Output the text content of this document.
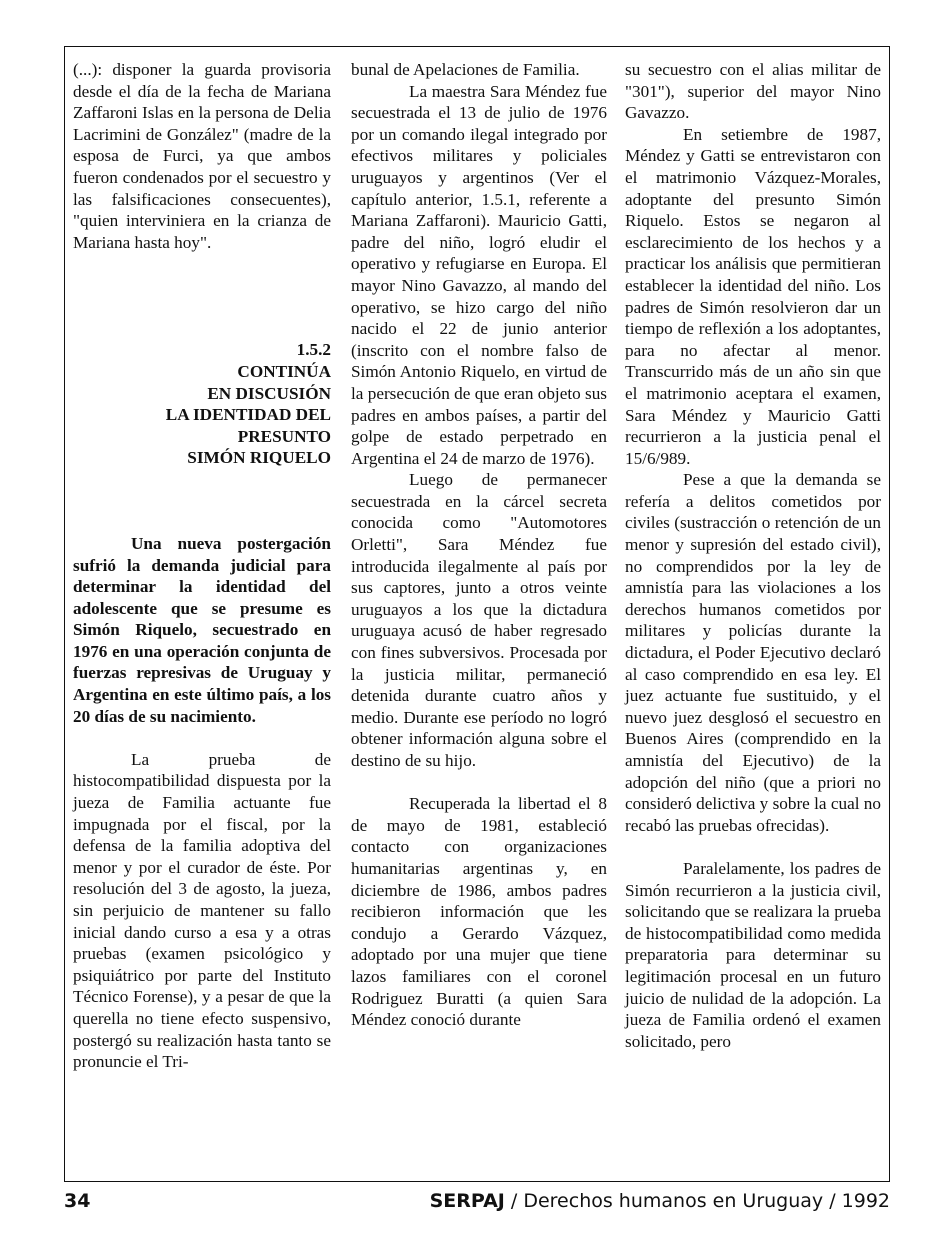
(...): disponer la guarda provisoria desde el día de la fecha de Mariana Zaffaroni Islas en la persona de Delia Lacrimini de González" (madre de la esposa de Furci, ya que ambos fueron condenados por el secuestro y las falsificaciones consecuentes), "quien interviniera en la crianza de Mariana hasta hoy".

1.5.2
CONTINÚA
EN DISCUSIÓN
LA IDENTIDAD DEL
PRESUNTO
SIMÓN RIQUELO

Una nueva postergación sufrió la demanda judicial para determinar la identidad del adolescente que se presume es Simón Riquelo, secuestrado en 1976 en una operación conjunta de fuerzas represivas de Uruguay y Argentina en este último país, a los 20 días de su nacimiento.

La prueba de histocompatibilidad dispuesta por la jueza de Familia actuante fue impugnada por el fiscal, por la defensa de la familia adoptiva del menor y por el curador de éste. Por resolución del 3 de agosto, la jueza, sin perjuicio de mantener su fallo inicial dando curso a esa y a otras pruebas (examen psicológico y psiquiátrico por parte del Instituto Técnico Forense), y a pesar de que la querella no tiene efecto suspensivo, postergó su realización hasta tanto se pronuncie el Tri-

bunal de Apelaciones de Familia.

La maestra Sara Méndez fue secuestrada el 13 de julio de 1976 por un comando ilegal integrado por efectivos militares y policiales uruguayos y argentinos (Ver el capítulo anterior, 1.5.1, referente a Mariana Zaffaroni). Mauricio Gatti, padre del niño, logró eludir el operativo y refugiarse en Europa. El mayor Nino Gavazzo, al mando del operativo, se hizo cargo del niño nacido el 22 de junio anterior (inscrito con el nombre falso de Simón Antonio Riquelo, en virtud de la persecución de que eran objeto sus padres en ambos países, a partir del golpe de estado perpetrado en Argentina el 24 de marzo de 1976).

Luego de permanecer secuestrada en la cárcel secreta conocida como "Automotores Orletti", Sara Méndez fue introducida ilegalmente al país por sus captores, junto a otros veinte uruguayos a los que la dictadura uruguaya acusó de haber regresado con fines subversivos. Procesada por la justicia militar, permaneció detenida durante cuatro años y medio. Durante ese período no logró obtener información alguna sobre el destino de su hijo.

Recuperada la libertad el 8 de mayo de 1981, estableció contacto con organizaciones humanitarias argentinas y, en diciembre de 1986, ambos padres recibieron información que les condujo a Gerardo Vázquez, adoptado por una mujer que tiene lazos familiares con el coronel Rodriguez Buratti (a quien Sara Méndez conoció durante

su secuestro con el alias militar de "301"), superior del mayor Nino Gavazzo.

En setiembre de 1987, Méndez y Gatti se entrevistaron con el matrimonio Vázquez-Morales, adoptante del presunto Simón Riquelo. Estos se negaron al esclarecimiento de los hechos y a practicar los análisis que permitieran establecer la identidad del niño. Los padres de Simón resolvieron dar un tiempo de reflexión a los adoptantes, para no afectar al menor. Transcurrido más de un año sin que el matrimonio aceptara el examen, Sara Méndez y Mauricio Gatti recurrieron a la justicia penal el 15/6/989.

Pese a que la demanda se refería a delitos cometidos por civiles (sustracción o retención de un menor y supresión del estado civil), no comprendidos por la ley de amnistía para las violaciones a los derechos humanos cometidos por militares y policías durante la dictadura, el Poder Ejecutivo declaró al caso comprendido en esa ley. El juez actuante fue sustituido, y el nuevo juez desglosó el secuestro en Buenos Aires (comprendido en la amnistía del Ejecutivo) de la adopción del niño (que a priori no consideró delictiva y sobre la cual no recabó las pruebas ofrecidas).

Paralelamente, los padres de Simón recurrieron a la justicia civil, solicitando que se realizara la prueba de histocompatibilidad como medida preparatoria para determinar su legitimación procesal en un futuro juicio de nulidad de la adopción. La jueza de Familia ordenó el examen solicitado, pero

34	SERPAJ / Derechos humanos en Uruguay / 1992
